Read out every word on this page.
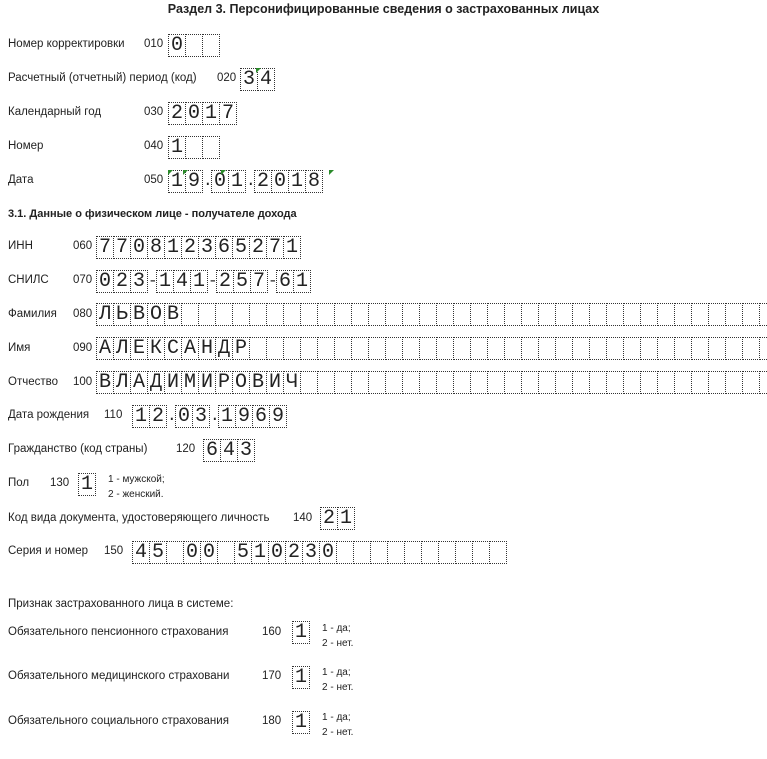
Раздел 3. Персонифицированные сведения о застрахованных лицах
Номер корректировки 010 0
Расчетный (отчетный) период (код) 020 3 4
Календарный год	030 2 0 1 7
Номер	040 1
Дата	050 1 9 . 0 1 . 2 0 1 8
3.1. Данные о физическом лице - получателе дохода
ИНН	060 7 7 0 8 1 2 3 6 5 2 7 1
СНИЛС 070 0 2 3 - 1 4 1 - 2 5 7 - 6 1
Фамилия 080 Л Ь В О В
Имя	090 А Л Е К С А Н Д Р
Отчество 100 В Л А Д И М И Р О В И Ч
Дата рождения 110 1 2 . 0 3 . 1 9 6 9
Гражданство (код страны) 120 6 4 3
Пол 130 1	1 - мужской;
2 - женский.
Код вида документа, удостоверяющего личность 140 2 1
Серия и номер 150 4 5 0 0 5 1 0 2 3 0
Признак застрахованного лица в системе:
Обязательного пенсионного страхования	160 1	1 - да;
2 - нет.
Обязательного медицинского страховани	170 1	1 - да;
2 - нет.
Обязательного социального страхования	180 1	1 - да;
2 - нет.
